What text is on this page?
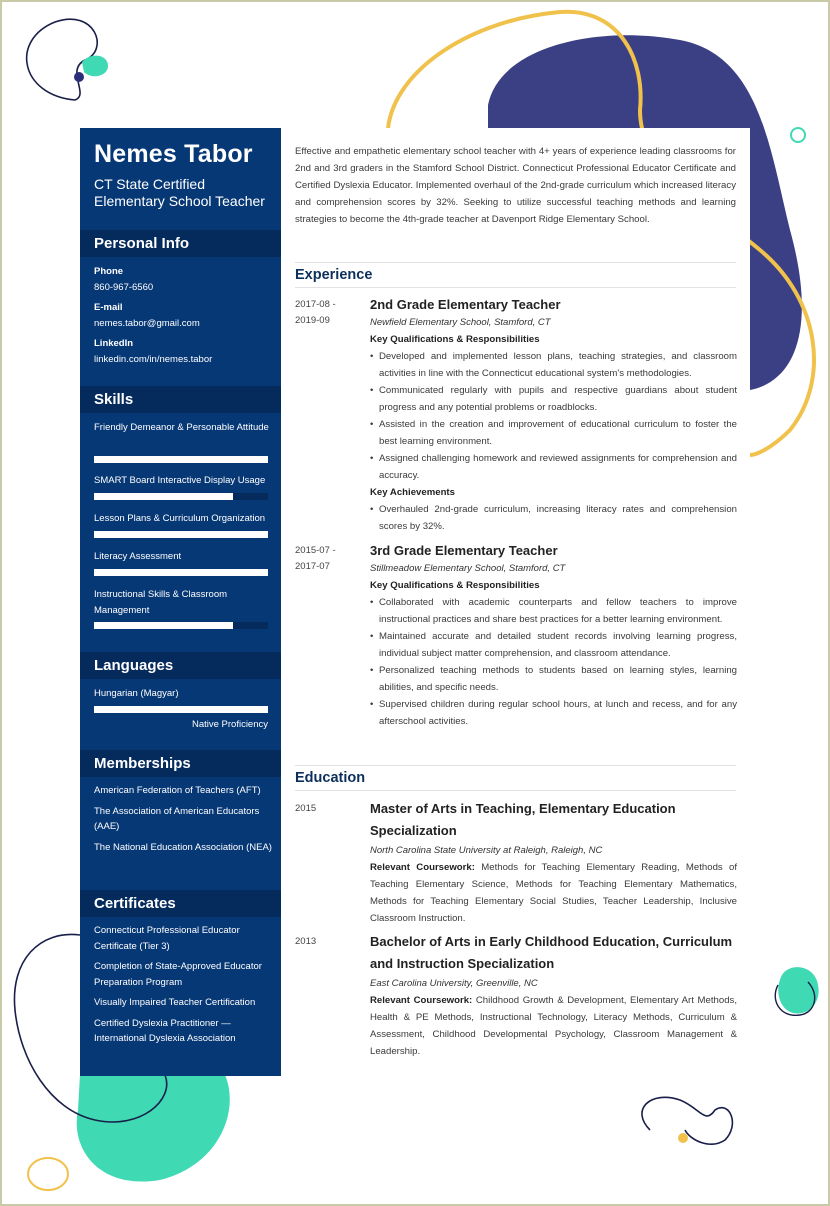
Nemes Tabor
CT State Certified Elementary School Teacher
Personal Info
Phone
860-967-6560
E-mail
nemes.tabor@gmail.com
LinkedIn
linkedin.com/in/nemes.tabor
Skills
Friendly Demeanor & Personable Attitude
SMART Board Interactive Display Usage
Lesson Plans & Curriculum Organization
Literacy Assessment
Instructional Skills & Classroom Management
Languages
Hungarian (Magyar)
Native Proficiency
Memberships
American Federation of Teachers (AFT)
The Association of American Educators (AAE)
The National Education Association (NEA)
Certificates
Connecticut Professional Educator Certificate (Tier 3)
Completion of State-Approved Educator Preparation Program
Visually Impaired Teacher Certification
Certified Dyslexia Practitioner — International Dyslexia Association
Effective and empathetic elementary school teacher with 4+ years of experience leading classrooms for 2nd and 3rd graders in the Stamford School District. Connecticut Professional Educator Certificate and Certified Dyslexia Educator. Implemented overhaul of the 2nd-grade curriculum which increased literacy and comprehension scores by 32%. Seeking to utilize successful teaching methods and learning strategies to become the 4th-grade teacher at Davenport Ridge Elementary School.
Experience
2017-08 -
2019-09
2nd Grade Elementary Teacher
Newfield Elementary School, Stamford, CT
Key Qualifications & Responsibilities
• Developed and implemented lesson plans, teaching strategies, and classroom activities in line with the Connecticut educational system's methodologies.
• Communicated regularly with pupils and respective guardians about student progress and any potential problems or roadblocks.
• Assisted in the creation and improvement of educational curriculum to foster the best learning environment.
• Assigned challenging homework and reviewed assignments for comprehension and accuracy.
Key Achievements
• Overhauled 2nd-grade curriculum, increasing literacy rates and comprehension scores by 32%.
2015-07 -
2017-07
3rd Grade Elementary Teacher
Stillmeadow Elementary School, Stamford, CT
Key Qualifications & Responsibilities
• Collaborated with academic counterparts and fellow teachers to improve instructional practices and share best practices for a better learning environment.
• Maintained accurate and detailed student records involving learning progress, individual subject matter comprehension, and classroom attendance.
• Personalized teaching methods to students based on learning styles, learning abilities, and specific needs.
• Supervised children during regular school hours, at lunch and recess, and for any afterschool activities.
Education
2015	Master of Arts in Teaching, Elementary Education Specialization
North Carolina State University at Raleigh, Raleigh, NC
Relevant Coursework: Methods for Teaching Elementary Reading, Methods of Teaching Elementary Science, Methods for Teaching Elementary Mathematics, Methods for Teaching Elementary Social Studies, Teacher Leadership, Inclusive Classroom Instruction.
2013	Bachelor of Arts in Early Childhood Education, Curriculum and Instruction Specialization
East Carolina University, Greenville, NC
Relevant Coursework: Childhood Growth & Development, Elementary Art Methods, Health & PE Methods, Instructional Technology, Literacy Methods, Curriculum & Assessment, Childhood Developmental Psychology, Classroom Management & Leadership.
